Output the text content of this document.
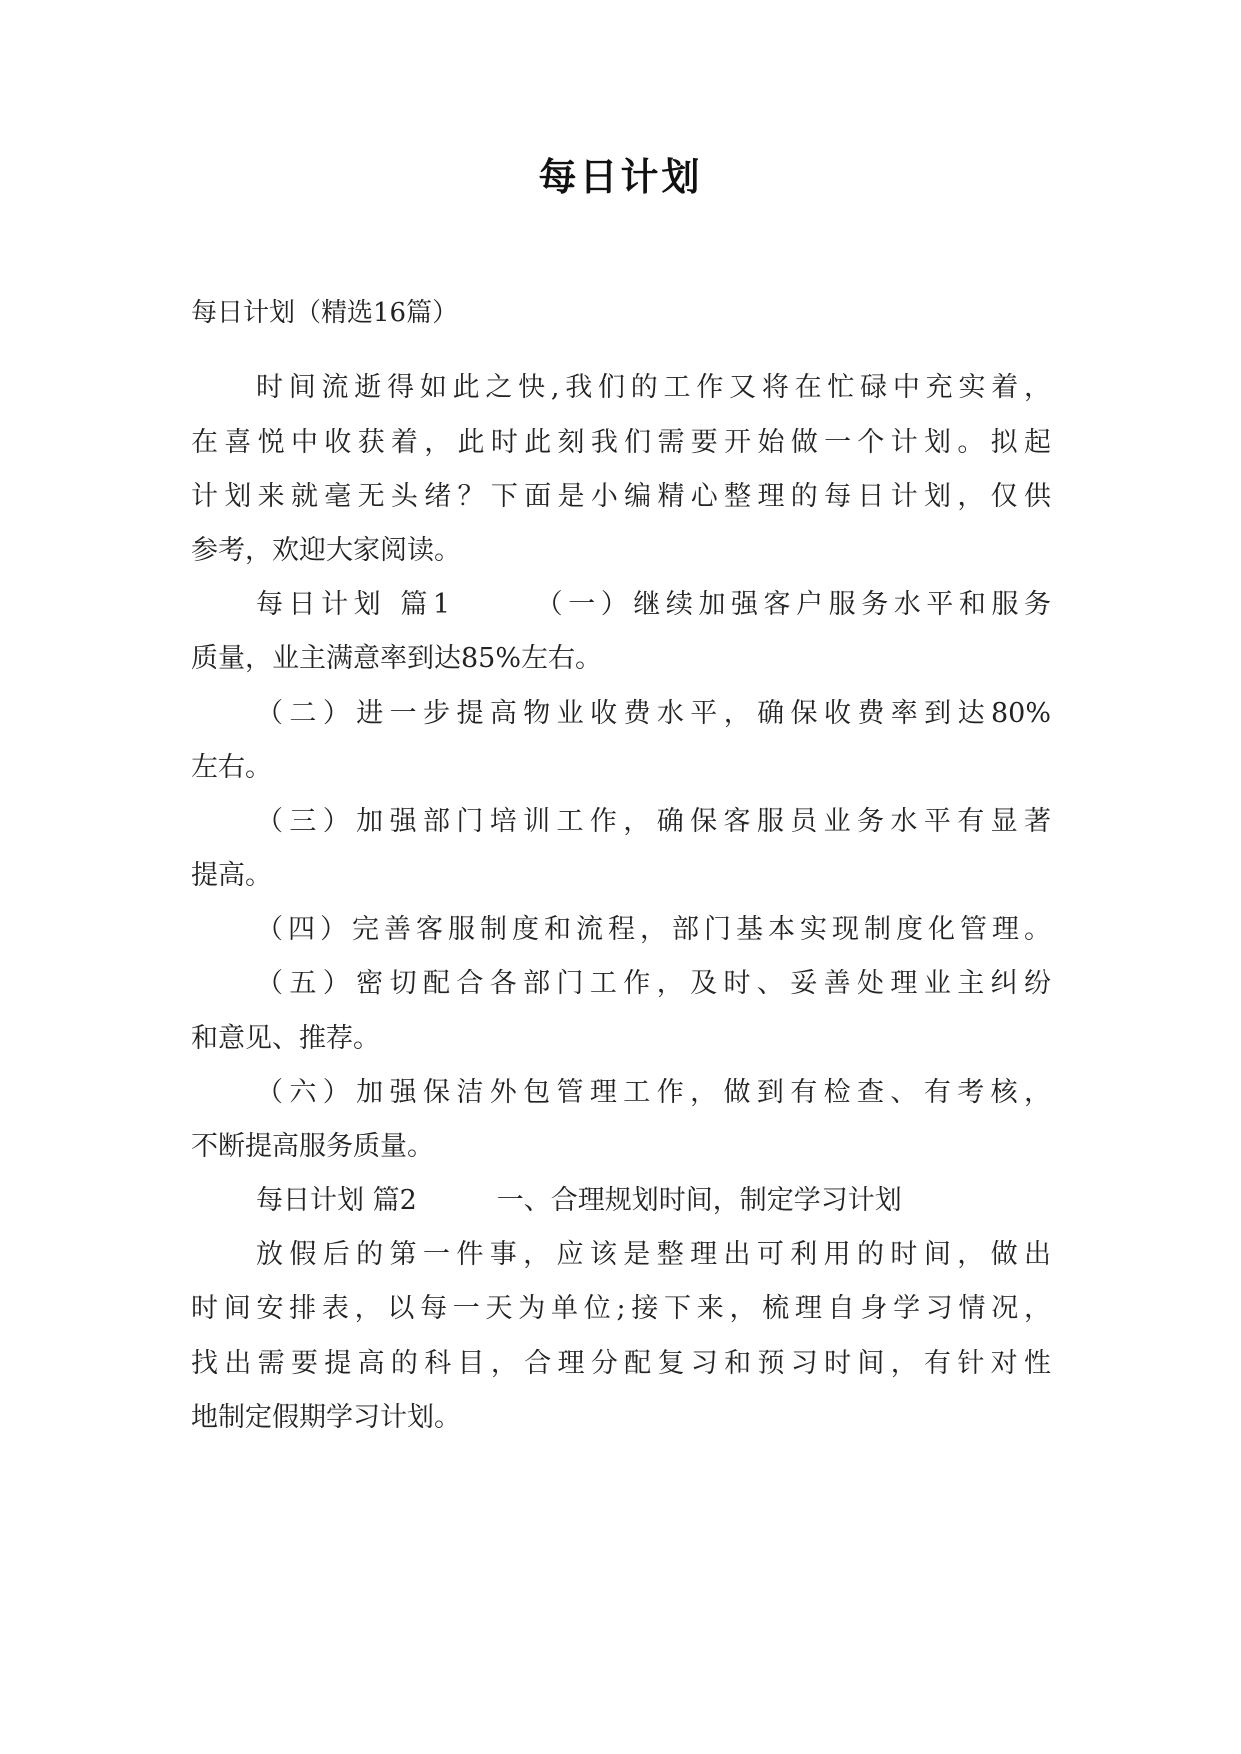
每日计划
每日计划（精选16篇）
时间流逝得如此之快,我们的工作又将在忙碌中充实着，
在喜悦中收获着，此时此刻我们需要开始做一个计划。拟起
计划来就毫无头绪？下面是小编精心整理的每日计划，仅供
参考，欢迎大家阅读。
每日计划 篇1	（一）继续加强客户服务水平和服务
质量，业主满意率到达85%左右。
（二）进一步提高物业收费水平，确保收费率到达80%
左右。
（三）加强部门培训工作，确保客服员业务水平有显著
提高。
（四）完善客服制度和流程，部门基本实现制度化管理。
（五）密切配合各部门工作，及时、妥善处理业主纠纷
和意见、推荐。
（六）加强保洁外包管理工作，做到有检查、有考核，
不断提高服务质量。
每日计划 篇2	一、合理规划时间，制定学习计划
放假后的第一件事，应该是整理出可利用的时间，做出
时间安排表，以每一天为单位;接下来，梳理自身学习情况，
找出需要提高的科目，合理分配复习和预习时间，有针对性
地制定假期学习计划。
